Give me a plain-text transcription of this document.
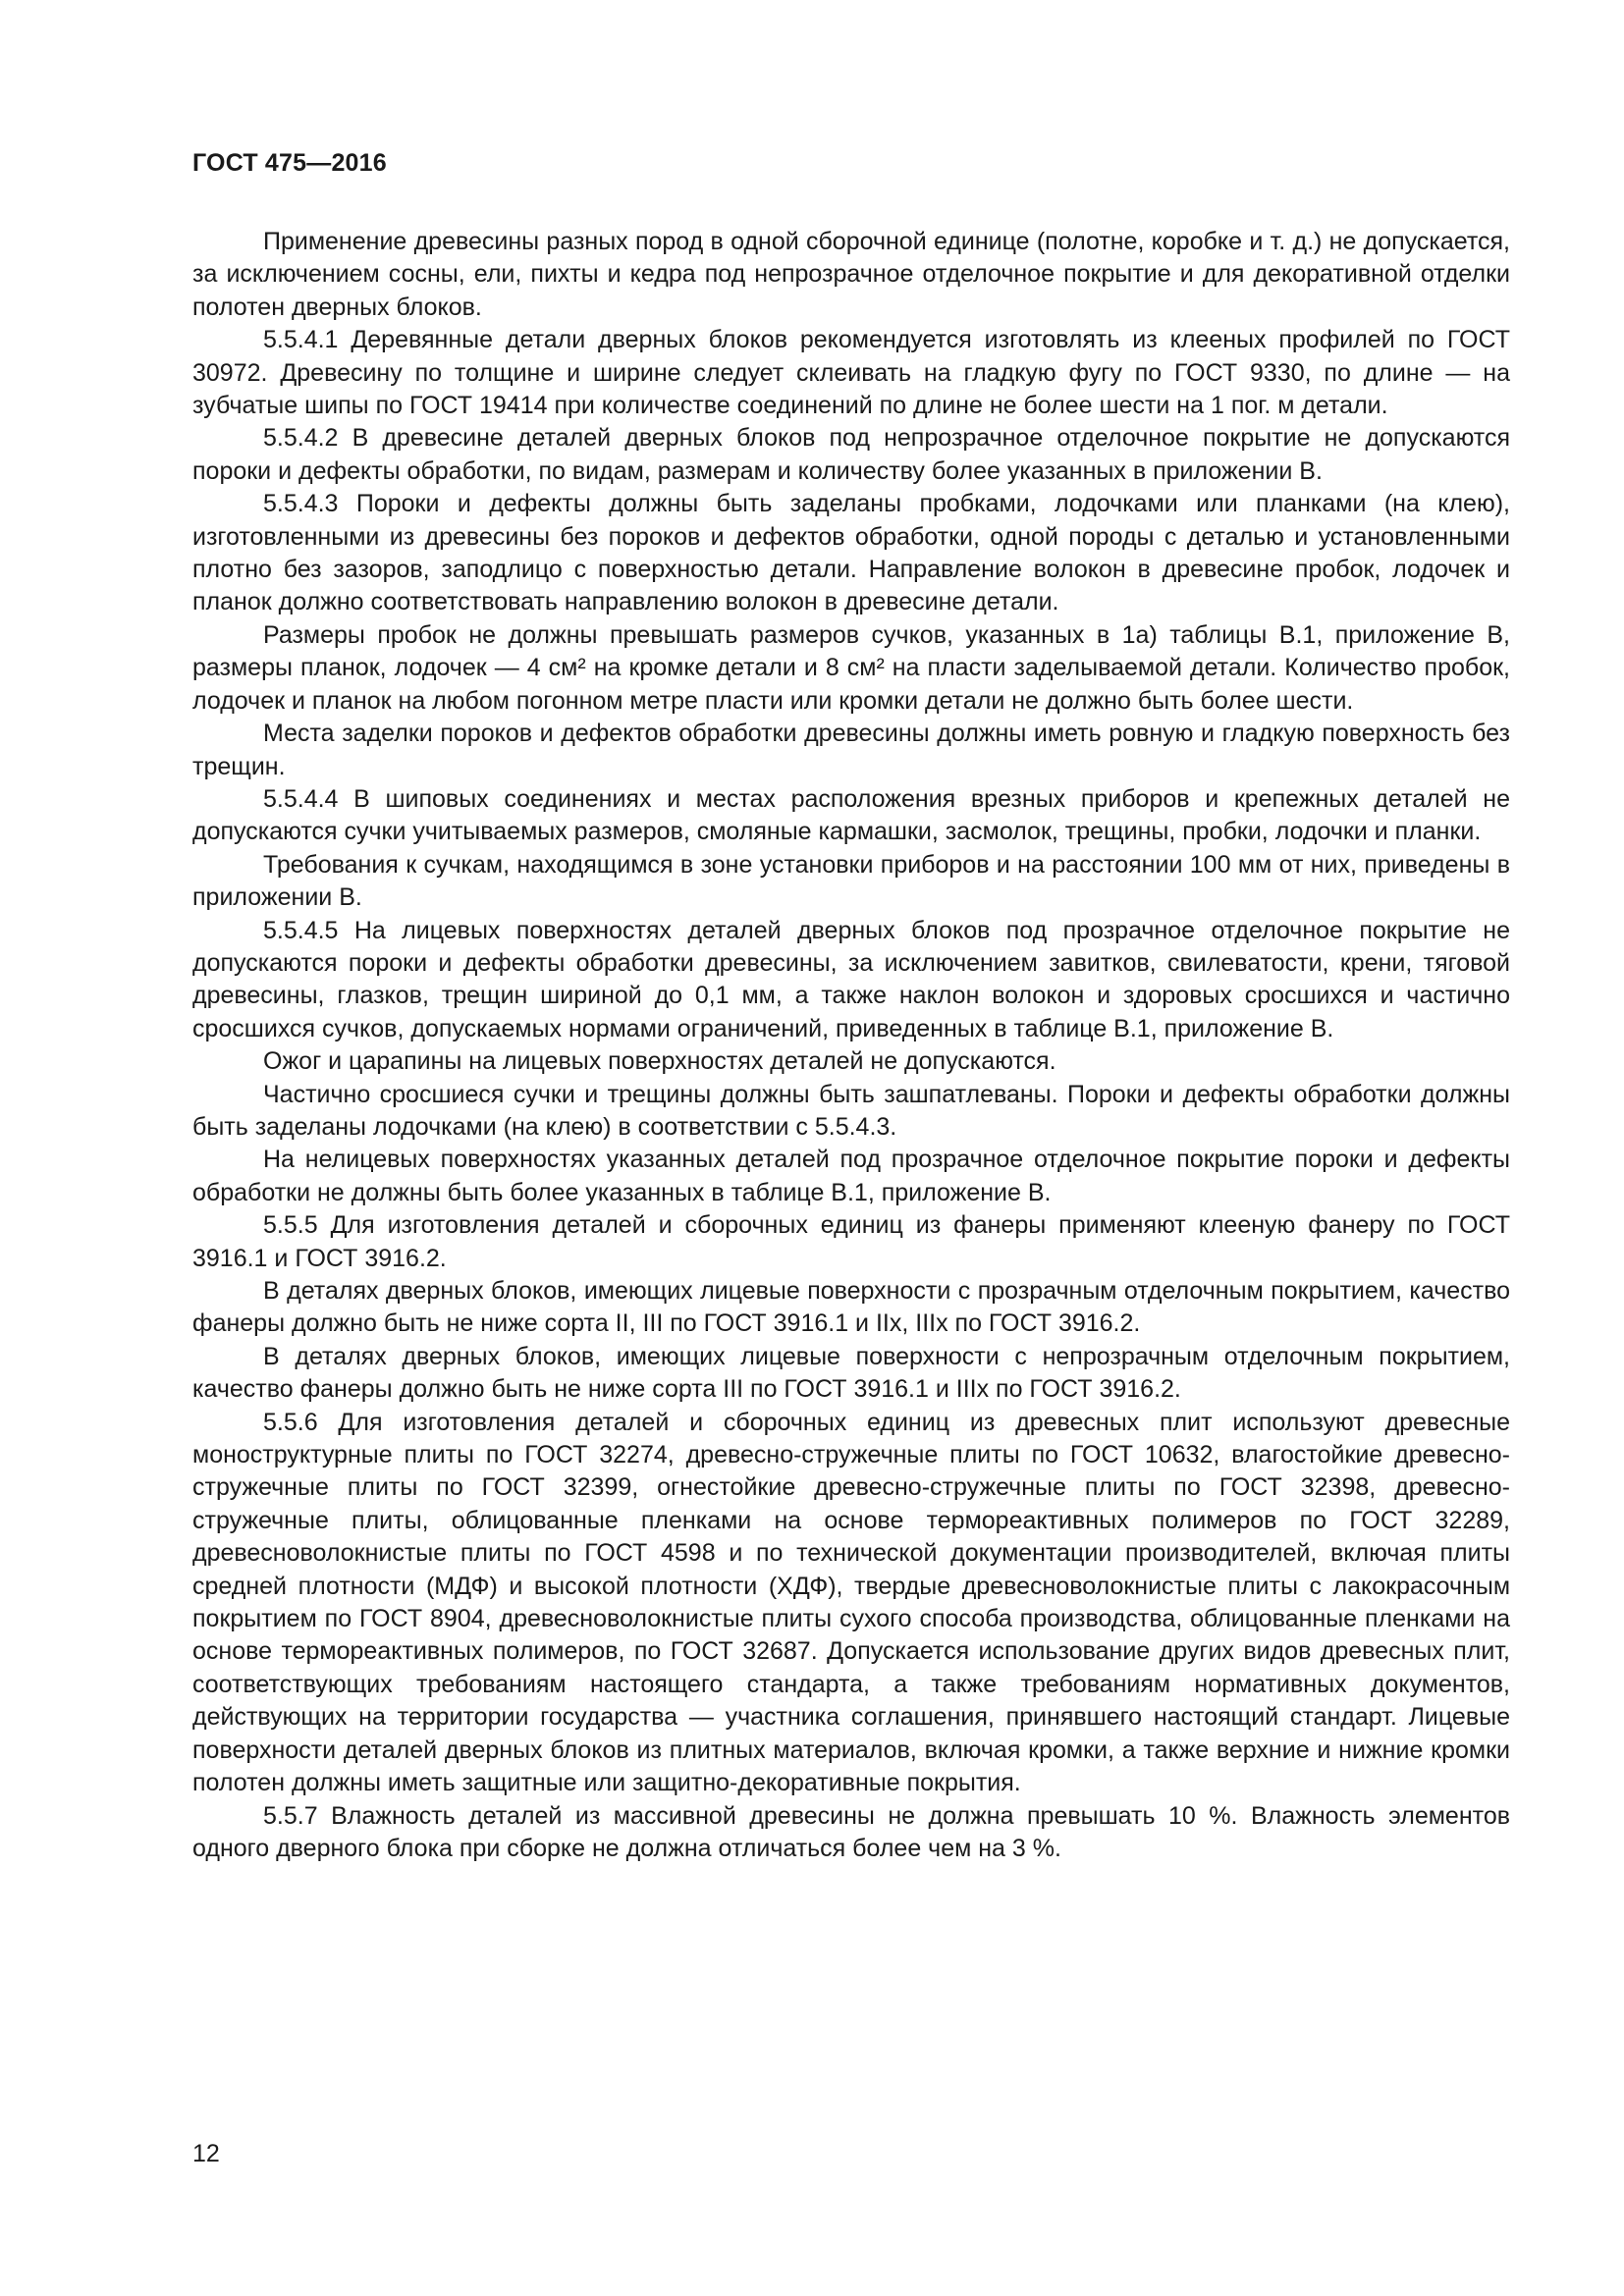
ГОСТ 475—2016

Применение древесины разных пород в одной сборочной единице (полотне, коробке и т. д.) не допускается, за исключением сосны, ели, пихты и кедра под непрозрачное отделочное покрытие и для декоративной отделки полотен дверных блоков.

5.5.4.1 Деревянные детали дверных блоков рекомендуется изготовлять из клееных профилей по ГОСТ 30972. Древесину по толщине и ширине следует склеивать на гладкую фугу по ГОСТ 9330, по длине — на зубчатые шипы по ГОСТ 19414 при количестве соединений по длине не более шести на 1 пог. м детали.

5.5.4.2 В древесине деталей дверных блоков под непрозрачное отделочное покрытие не допускаются пороки и дефекты обработки, по видам, размерам и количеству более указанных в приложении В.

5.5.4.3 Пороки и дефекты должны быть заделаны пробками, лодочками или планками (на клею), изготовленными из древесины без пороков и дефектов обработки, одной породы с деталью и установленными плотно без зазоров, заподлицо с поверхностью детали. Направление волокон в древесине пробок, лодочек и планок должно соответствовать направлению волокон в древесине детали.

Размеры пробок не должны превышать размеров сучков, указанных в 1а) таблицы В.1, приложение В, размеры планок, лодочек — 4 см² на кромке детали и 8 см² на пласти заделываемой детали. Количество пробок, лодочек и планок на любом погонном метре пласти или кромки детали не должно быть более шести.

Места заделки пороков и дефектов обработки древесины должны иметь ровную и гладкую поверхность без трещин.

5.5.4.4 В шиповых соединениях и местах расположения врезных приборов и крепежных деталей не допускаются сучки учитываемых размеров, смоляные кармашки, засмолок, трещины, пробки, лодочки и планки.

Требования к сучкам, находящимся в зоне установки приборов и на расстоянии 100 мм от них, приведены в приложении В.

5.5.4.5 На лицевых поверхностях деталей дверных блоков под прозрачное отделочное покрытие не допускаются пороки и дефекты обработки древесины, за исключением завитков, свилеватости, крени, тяговой древесины, глазков, трещин шириной до 0,1 мм, а также наклон волокон и здоровых сросшихся и частично сросшихся сучков, допускаемых нормами ограничений, приведенных в таблице В.1, приложение В.

Ожог и царапины на лицевых поверхностях деталей не допускаются.

Частично сросшиеся сучки и трещины должны быть зашпатлеваны. Пороки и дефекты обработки должны быть заделаны лодочками (на клею) в соответствии с 5.5.4.3.

На нелицевых поверхностях указанных деталей под прозрачное отделочное покрытие пороки и дефекты обработки не должны быть более указанных в таблице В.1, приложение В.

5.5.5 Для изготовления деталей и сборочных единиц из фанеры применяют клееную фанеру по ГОСТ 3916.1 и ГОСТ 3916.2.

В деталях дверных блоков, имеющих лицевые поверхности с прозрачным отделочным покрытием, качество фанеры должно быть не ниже сорта II, III по ГОСТ 3916.1 и IIx, IIIx по ГОСТ 3916.2.

В деталях дверных блоков, имеющих лицевые поверхности с непрозрачным отделочным покрытием, качество фанеры должно быть не ниже сорта III по ГОСТ 3916.1 и IIIx по ГОСТ 3916.2.

5.5.6 Для изготовления деталей и сборочных единиц из древесных плит используют древесные моноструктурные плиты по ГОСТ 32274, древесно-стружечные плиты по ГОСТ 10632, влагостойкие древесно-стружечные плиты по ГОСТ 32399, огнестойкие древесно-стружечные плиты по ГОСТ 32398, древесно-стружечные плиты, облицованные пленками на основе термореактивных полимеров по ГОСТ 32289, древесноволокнистые плиты по ГОСТ 4598 и по технической документации производителей, включая плиты средней плотности (МДФ) и высокой плотности (ХДФ), твердые древесноволокнистые плиты с лакокрасочным покрытием по ГОСТ 8904, древесноволокнистые плиты сухого способа производства, облицованные пленками на основе термореактивных полимеров, по ГОСТ 32687. Допускается использование других видов древесных плит, соответствующих требованиям настоящего стандарта, а также требованиям нормативных документов, действующих на территории государства — участника соглашения, принявшего настоящий стандарт. Лицевые поверхности деталей дверных блоков из плитных материалов, включая кромки, а также верхние и нижние кромки полотен должны иметь защитные или защитно-декоративные покрытия.

5.5.7 Влажность деталей из массивной древесины не должна превышать 10 %. Влажность элементов одного дверного блока при сборке не должна отличаться более чем на 3 %.

12
